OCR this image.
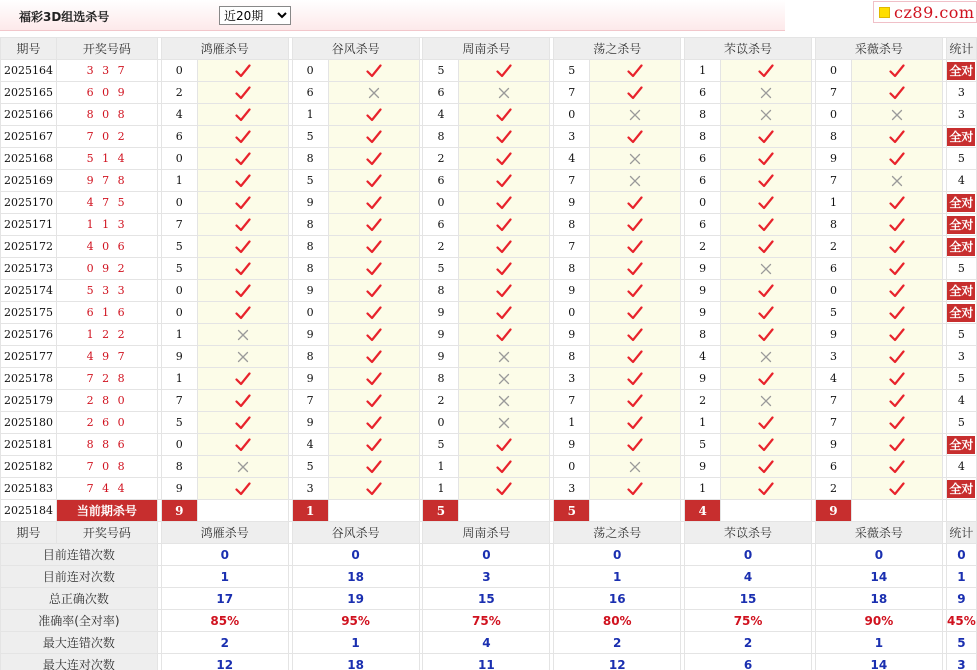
福彩3D组选杀号
近20期	cz89.com
期号	开奖号码		鸿雁杀号			谷风杀号			周南杀号			荡之杀号			芣苡杀号			采薇杀号			统计
2025164	3 3 7		0			0			5			5			1			0			全对
2025165	6 0 9		2			6			6			7			6			7			3
2025166	8 0 8		4			1			4			0			8			0			3
2025167	7 0 2		6			5			8			3			8			8			全对
2025168	5 1 4		0			8			2			4			6			9			5
2025169	9 7 8		1			5			6			7			6			7			4
2025170	4 7 5		0			9			0			9			0			1			全对
2025171	1 1 3		7			8			6			8			6			8			全对
2025172	4 0 6		5			8			2			7			2			2			全对
2025173	0 9 2		5			8			5			8			9			6			5
2025174	5 3 3		0			9			8			9			9			0			全对
2025175	6 1 6		0			0			9			0			9			5			全对
2025176	1 2 2		1			9			9			9			8			9			5
2025177	4 9 7		9			8			9			8			4			3			3
2025178	7 2 8		1			9			8			3			9			4			5
2025179	2 8 0		7			7			2			7			2			7			4
2025180	2 6 0		5			9			0			1			1			7			5
2025181	8 8 6		0			4			5			9			5			9			全对
2025182	7 0 8		8			5			1			0			9			6			4
2025183	7 4 4		9			3			1			3			1			2			全对
2025184	当前期杀号		9			1			5			5			4			9			
期号	开奖号码		鸿雁杀号			谷风杀号			周南杀号			荡之杀号			芣苡杀号			采薇杀号			统计
目前连错次数			0			0			0			0			0			0			0
目前连对次数			1			18			3			1			4			14			1
总正确次数			17			19			15			16			15			18			9
准确率(全对率)			85%			95%			75%			80%			75%			90%			45%
最大连错次数			2			1			4			2			2			1			5
最大连对次数			12			18			11			12			6			14			3
